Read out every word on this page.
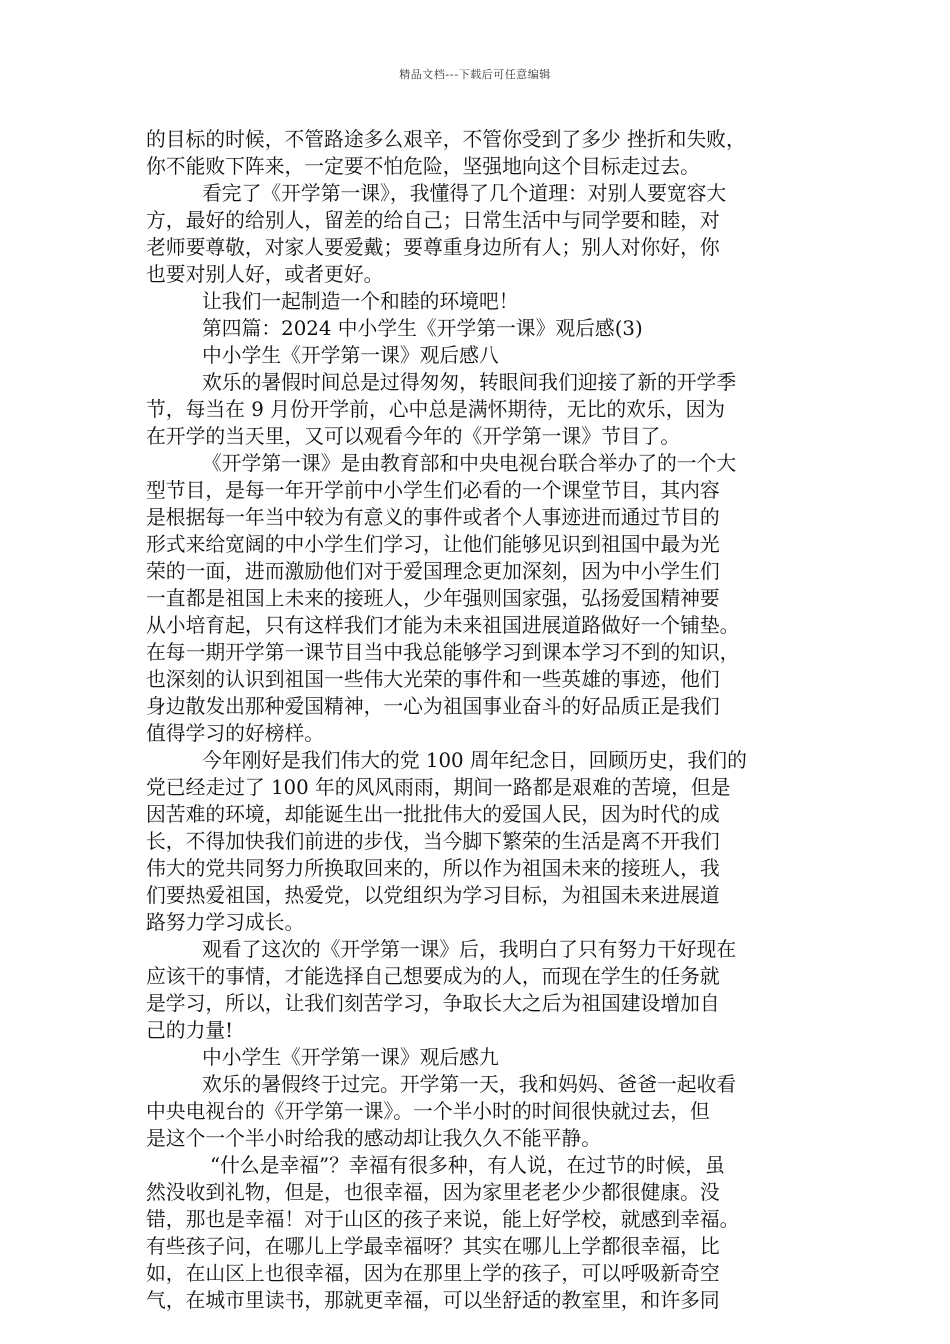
精品文档---下载后可任意编辑
的目标的时候，不管路途多么艰辛，不管你受到了多少 挫折和失败，
你不能败下阵来，一定要不怕危险，坚强地向这个目标走过去。
看完了《开学第一课》，我懂得了几个道理：对别人要宽容大
方，最好的给别人，留差的给自己；日常生活中与同学要和睦，对
老师要尊敬，对家人要爱戴；要尊重身边所有人；别人对你好，你
也要对别人好，或者更好。
让我们一起制造一个和睦的环境吧！
第四篇：2024 中小学生《开学第一课》观后感(3)
中小学生《开学第一课》观后感八
欢乐的暑假时间总是过得匆匆，转眼间我们迎接了新的开学季
节，每当在 9 月份开学前，心中总是满怀期待，无比的欢乐，因为
在开学的当天里，又可以观看今年的《开学第一课》节目了。
《开学第一课》是由教育部和中央电视台联合举办了的一个大
型节目，是每一年开学前中小学生们必看的一个课堂节目，其内容
是根据每一年当中较为有意义的事件或者个人事迹进而通过节目的
形式来给宽阔的中小学生们学习，让他们能够见识到祖国中最为光
荣的一面，进而激励他们对于爱国理念更加深刻，因为中小学生们
一直都是祖国上未来的接班人，少年强则国家强，弘扬爱国精神要
从小培育起，只有这样我们才能为未来祖国进展道路做好一个铺垫。
在每一期开学第一课节目当中我总能够学习到课本学习不到的知识，
也深刻的认识到祖国一些伟大光荣的事件和一些英雄的事迹，他们
身边散发出那种爱国精神，一心为祖国事业奋斗的好品质正是我们
值得学习的好榜样。
今年刚好是我们伟大的党 100 周年纪念日，回顾历史，我们的
党已经走过了 100 年的风风雨雨，期间一路都是艰难的苦境，但是
因苦难的环境，却能诞生出一批批伟大的爱国人民，因为时代的成
长，不得加快我们前进的步伐，当今脚下繁荣的生活是离不开我们
伟大的党共同努力所换取回来的，所以作为祖国未来的接班人，我
们要热爱祖国，热爱党，以党组织为学习目标，为祖国未来进展道
路努力学习成长。
观看了这次的《开学第一课》后，我明白了只有努力干好现在
应该干的事情，才能选择自己想要成为的人，而现在学生的任务就
是学习，所以，让我们刻苦学习，争取长大之后为祖国建设增加自
己的力量!
中小学生《开学第一课》观后感九
欢乐的暑假终于过完。开学第一天，我和妈妈、爸爸一起收看
中央电视台的《开学第一课》。一个半小时的时间很快就过去，但
是这个一个半小时给我的感动却让我久久不能平静。
“什么是幸福”？幸福有很多种，有人说，在过节的时候，虽
然没收到礼物，但是，也很幸福，因为家里老老少少都很健康。没
错，那也是幸福！对于山区的孩子来说，能上好学校，就感到幸福。
有些孩子问，在哪儿上学最幸福呀？其实在哪儿上学都很幸福，比
如，在山区上也很幸福，因为在那里上学的孩子，可以呼吸新奇空
气，在城市里读书，那就更幸福，可以坐舒适的教室里，和许多同
